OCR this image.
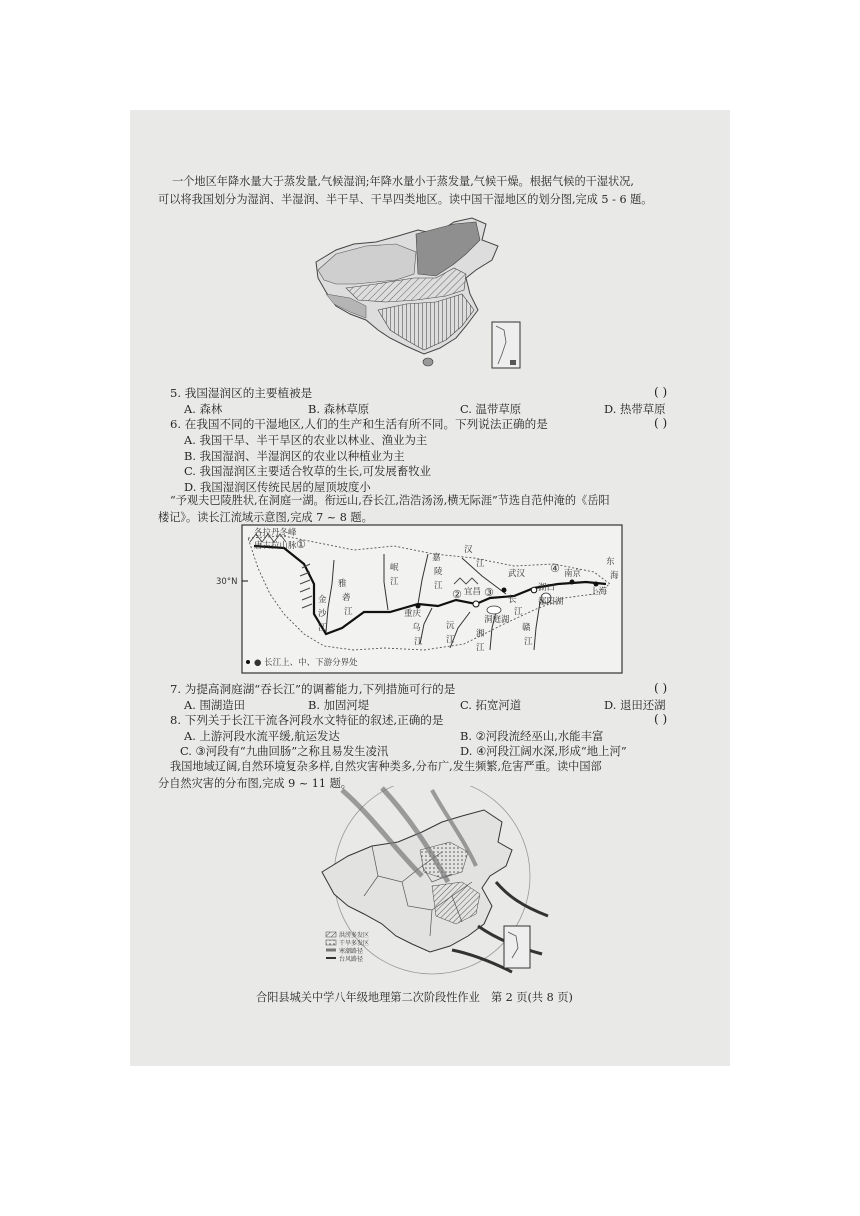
一个地区年降水量大于蒸发量,气候湿润;年降水量小于蒸发量,气候干燥。根据气候的干湿状况,
可以将我国划分为湿润、半湿润、半干旱、干旱四类地区。读中国干湿地区的划分图,完成 5 - 6 题。
5. 我国湿润区的主要植被是	( )
A. 森林	B. 森林草原	C. 温带草原	D. 热带草原
6. 在我国不同的干湿地区,人们的生产和生活有所不同。下列说法正确的是	( )
A. 我国干旱、半干旱区的农业以林业、渔业为主
B. 我国湿润、半湿润区的农业以种植业为主
C. 我国湿润区主要适合牧草的生长,可发展畜牧业
D. 我国湿润区传统民居的屋顶坡度小
“予观夫巴陵胜状,在洞庭一湖。衔远山,吞长江,浩浩汤汤,横无际涯”节选自范仲淹的《岳阳
楼记》。读长江流域示意图,完成 7 ~ 8 题。
各拉丹冬峰
唐古拉山脉
30°N
①
雅
砻
江
金
沙
江
岷
江
嘉
陵
江
汉
江
重庆
武汉
宜昌
② ③
④
长
江
洞庭湖
湖口
鄱阳湖
南京
上海
东
海
乌
江
沅
江
湘
江
赣
江
● 长江上、中、下游分界处
7. 为提高洞庭湖“吞长江”的调蓄能力,下列措施可行的是	( )
A. 围湖造田	B. 加固河堤	C. 拓宽河道	D. 退田还湖
8. 下列关于长江干流各河段水文特征的叙述,正确的是	( )
A. 上游河段水流平缓,航运发达	B. ②河段流经巫山,水能丰富
C. ③河段有“九曲回肠”之称且易发生凌汛	D. ④河段江阔水深,形成“地上河”
我国地域辽阔,自然环境复杂多样,自然灾害种类多,分布广,发生频繁,危害严重。读中国部
分自然灾害的分布图,完成 9 ~ 11 题。
洪涝多发区
干旱多发区
寒潮路径
台风路径
合阳县城关中学八年级地理第二次阶段性作业　第 2 页(共 8 页)
